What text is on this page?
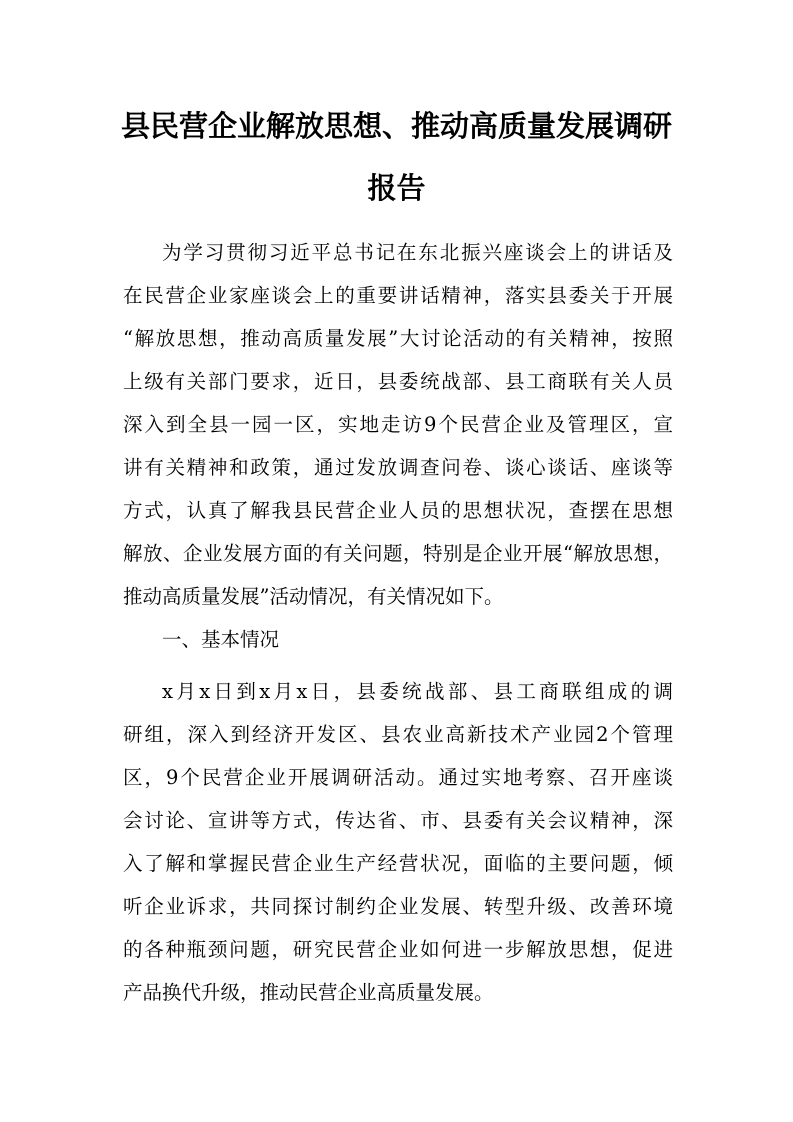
县民营企业解放思想、推动高质量发展调研
报告
为学习贯彻习近平总书记在东北振兴座谈会上的讲话及
在民营企业家座谈会上的重要讲话精神，落实县委关于开展
“解放思想，推动高质量发展”大讨论活动的有关精神，按照
上级有关部门要求，近日，县委统战部、县工商联有关人员
深入到全县一园一区，实地走访9个民营企业及管理区，宣
讲有关精神和政策，通过发放调查问卷、谈心谈话、座谈等
方式，认真了解我县民营企业人员的思想状况，查摆在思想
解放、企业发展方面的有关问题，特别是企业开展“解放思想，
推动高质量发展”活动情况，有关情况如下。
一、基本情况
x月x日到x月x日，县委统战部、县工商联组成的调
研组，深入到经济开发区、县农业高新技术产业园2个管理
区，9个民营企业开展调研活动。通过实地考察、召开座谈
会讨论、宣讲等方式，传达省、市、县委有关会议精神，深
入了解和掌握民营企业生产经营状况，面临的主要问题，倾
听企业诉求，共同探讨制约企业发展、转型升级、改善环境
的各种瓶颈问题，研究民营企业如何进一步解放思想，促进
产品换代升级，推动民营企业高质量发展。
